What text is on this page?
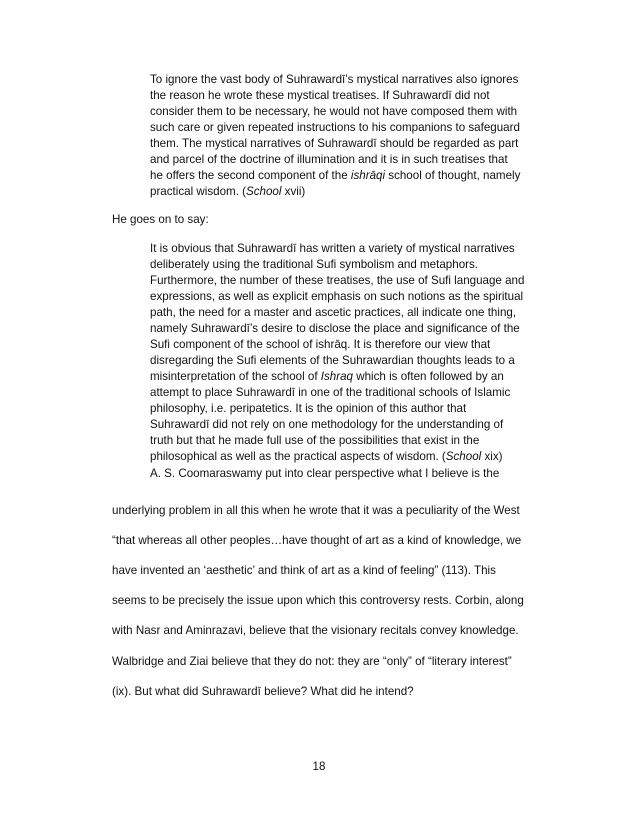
To ignore the vast body of Suhrawardī’s mystical narratives also ignores
the reason he wrote these mystical treatises. If Suhrawardī did not
consider them to be necessary, he would not have composed them with
such care or given repeated instructions to his companions to safeguard
them. The mystical narratives of Suhrawardī should be regarded as part
and parcel of the doctrine of illumination and it is in such treatises that
he offers the second component of the ishrāqi school of thought, namely
practical wisdom. (School xvii)

He goes on to say:

It is obvious that Suhrawardī has written a variety of mystical narratives
deliberately using the traditional Sufi symbolism and metaphors.
Furthermore, the number of these treatises, the use of Sufi language and
expressions, as well as explicit emphasis on such notions as the spiritual
path, the need for a master and ascetic practices, all indicate one thing,
namely Suhrawardī’s desire to disclose the place and significance of the
Sufi component of the school of ishrāq. It is therefore our view that
disregarding the Sufi elements of the Suhrawardian thoughts leads to a
misinterpretation of the school of Ishraq which is often followed by an
attempt to place Suhrawardī in one of the traditional schools of Islamic
philosophy, i.e. peripatetics. It is the opinion of this author that
Suhrawardī did not rely on one methodology for the understanding of
truth but that he made full use of the possibilities that exist in the
philosophical as well as the practical aspects of wisdom. (School xix)

A. S. Coomaraswamy put into clear perspective what I believe is the

underlying problem in all this when he wrote that it was a peculiarity of the West

“that whereas all other peoples…have thought of art as a kind of knowledge, we

have invented an ‘aesthetic’ and think of art as a kind of feeling” (113). This

seems to be precisely the issue upon which this controversy rests. Corbin, along

with Nasr and Aminrazavi, believe that the visionary recitals convey knowledge.

Walbridge and Ziai believe that they do not: they are “only” of “literary interest”

(ix). But what did Suhrawardī believe? What did he intend?

18
